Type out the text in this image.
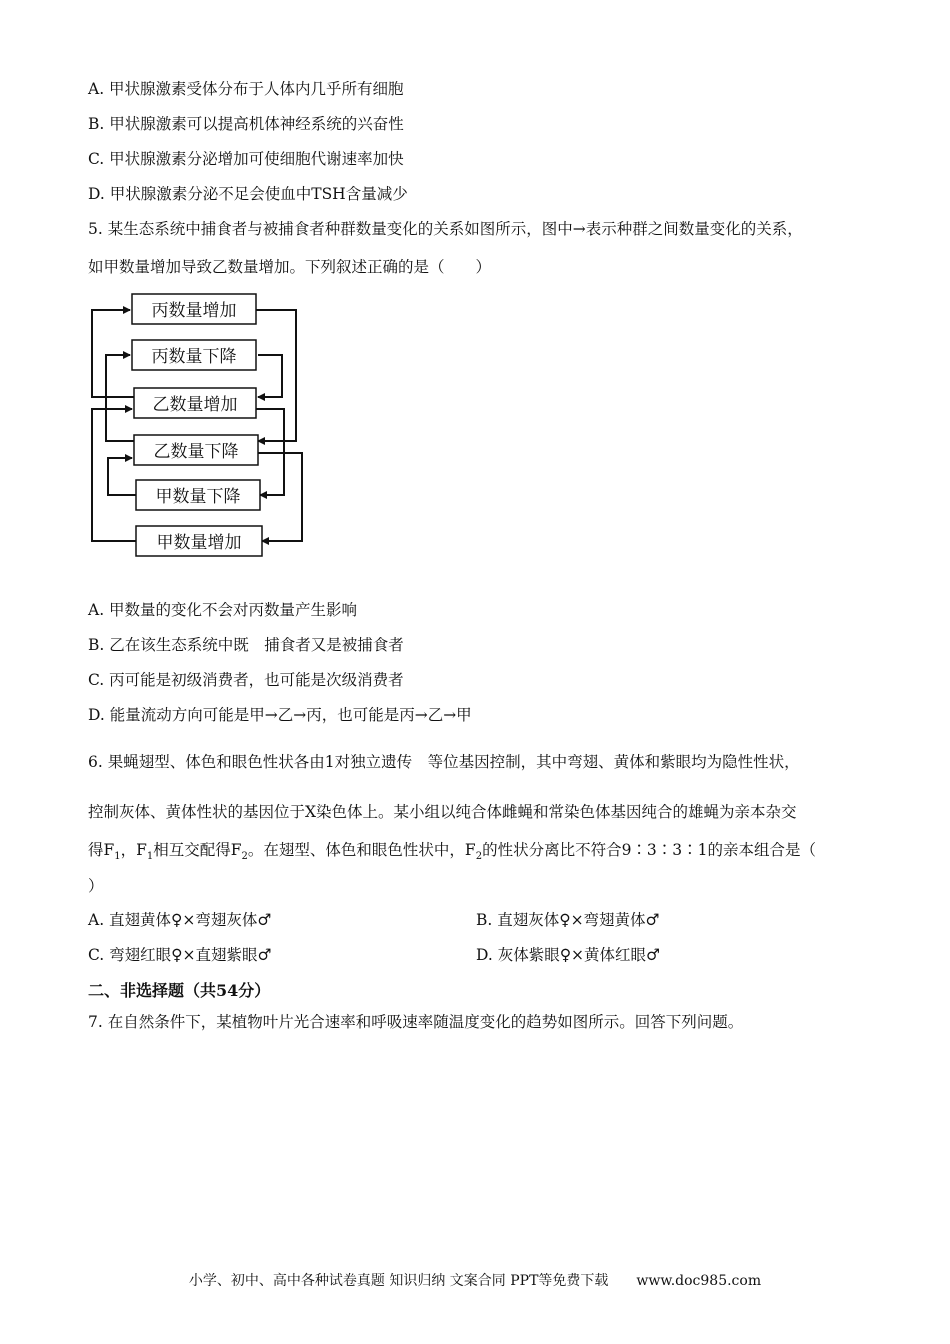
A. 甲状腺激素受体分布于人体内几乎所有细胞
B. 甲状腺激素可以提高机体神经系统的兴奋性
C. 甲状腺激素分泌增加可使细胞代谢速率加快
D. 甲状腺激素分泌不足会使血中TSH含量减少
5. 某生态系统中捕食者与被捕食者种群数量变化的关系如图所示，图中→表示种群之间数量变化的关系，
如甲数量增加导致乙数量增加。下列叙述正确的是（　　）
丙数量增加
丙数量下降
乙数量增加
乙数量下降
甲数量下降
甲数量增加
A. 甲数量的变化不会对丙数量产生影响
B. 乙在该生态系统中既　捕食者又是被捕食者
C. 丙可能是初级消费者，也可能是次级消费者
D. 能量流动方向可能是甲→乙→丙，也可能是丙→乙→甲
6. 果蝇翅型、体色和眼色性状各由1对独立遗传　等位基因控制，其中弯翅、黄体和紫眼均为隐性性状，
控制灰体、黄体性状的基因位于X染色体上。某小组以纯合体雌蝇和常染色体基因纯合的雄蝇为亲本杂交
得$F_1$，$F_1$相互交配得$F_2$。在翅型、体色和眼色性状中，$F_2$的性状分离比不符合9∶3∶3∶1的亲本组合是（
）
A. 直翅黄体♀×弯翅灰体♂	B. 直翅灰体♀×弯翅黄体♂
C. 弯翅红眼♀×直翅紫眼♂	D. 灰体紫眼♀×黄体红眼♂
二、非选择题（共54分）
7. 在自然条件下，某植物叶片光合速率和呼吸速率随温度变化的趋势如图所示。回答下列问题。
小学、初中、高中各种试卷真题 知识归纳 文案合同 PPT等免费下载　　www.doc985.com
